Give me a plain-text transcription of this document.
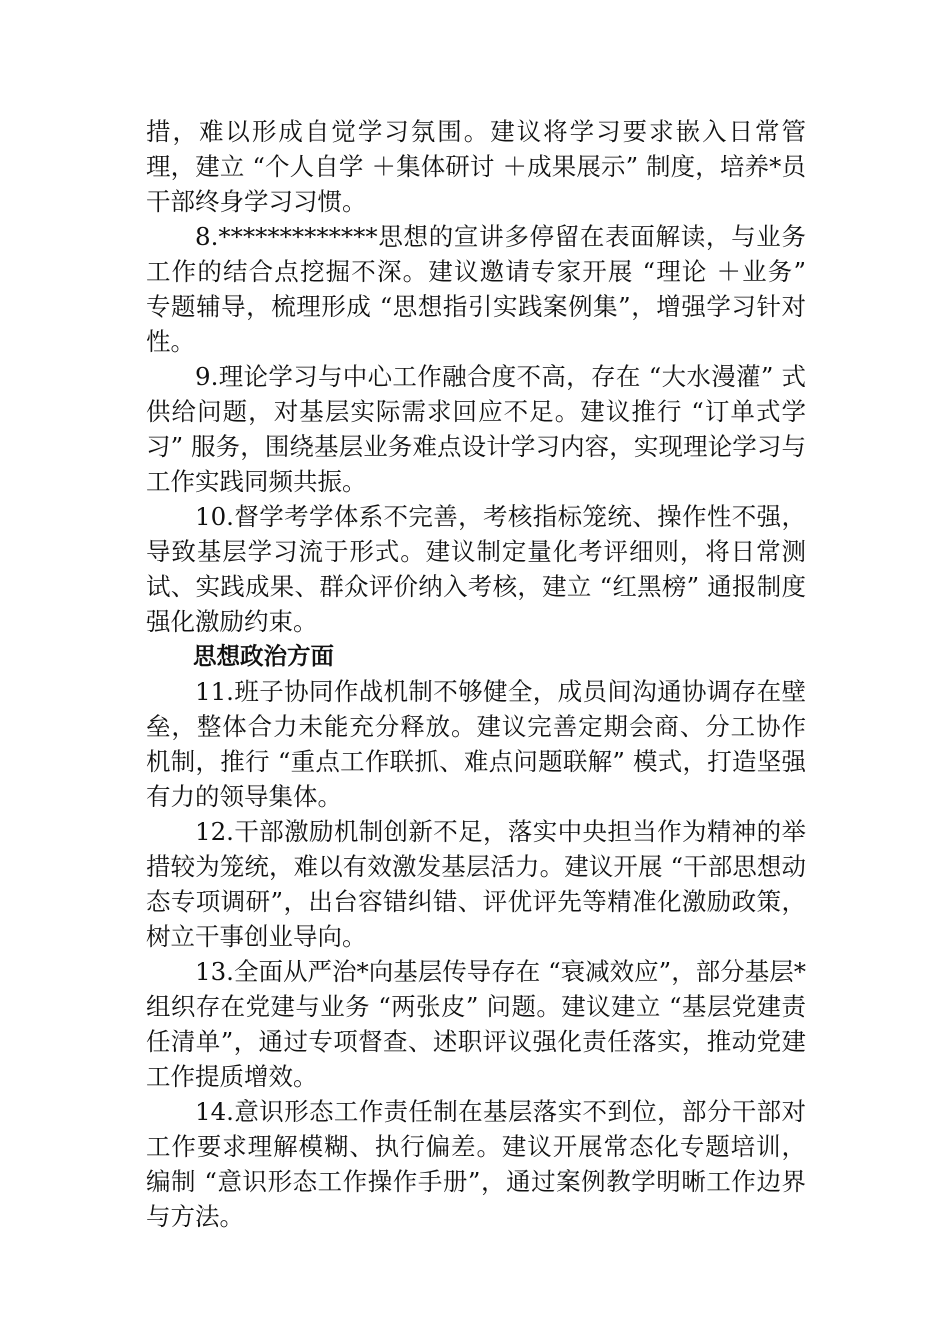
措，难以形成自觉学习氛围。建议将学习要求嵌入日常管理，建立 “个人自学 ＋集体研讨 ＋成果展示” 制度，培养*员干部终身学习习惯。

8.*************思想的宣讲多停留在表面解读，与业务工作的结合点挖掘不深。建议邀请专家开展 “理论 ＋业务” 专题辅导，梳理形成 “思想指引实践案例集”，增强学习针对性。

9.理论学习与中心工作融合度不高，存在 “大水漫灌” 式供给问题，对基层实际需求回应不足。建议推行 “订单式学习” 服务，围绕基层业务难点设计学习内容，实现理论学习与工作实践同频共振。

10.督学考学体系不完善，考核指标笼统、操作性不强，导致基层学习流于形式。建议制定量化考评细则，将日常测试、实践成果、群众评价纳入考核，建立 “红黑榜” 通报制度强化激励约束。

思想政治方面

11.班子协同作战机制不够健全，成员间沟通协调存在壁垒，整体合力未能充分释放。建议完善定期会商、分工协作机制，推行 “重点工作联抓、难点问题联解” 模式，打造坚强有力的领导集体。

12.干部激励机制创新不足，落实中央担当作为精神的举措较为笼统，难以有效激发基层活力。建议开展 “干部思想动态专项调研”，出台容错纠错、评优评先等精准化激励政策，树立干事创业导向。

13.全面从严治*向基层传导存在 “衰减效应”，部分基层*组织存在党建与业务 “两张皮” 问题。建议建立 “基层党建责任清单”，通过专项督查、述职评议强化责任落实，推动党建工作提质增效。

14.意识形态工作责任制在基层落实不到位，部分干部对工作要求理解模糊、执行偏差。建议开展常态化专题培训，编制 “意识形态工作操作手册”，通过案例教学明晰工作边界与方法。
